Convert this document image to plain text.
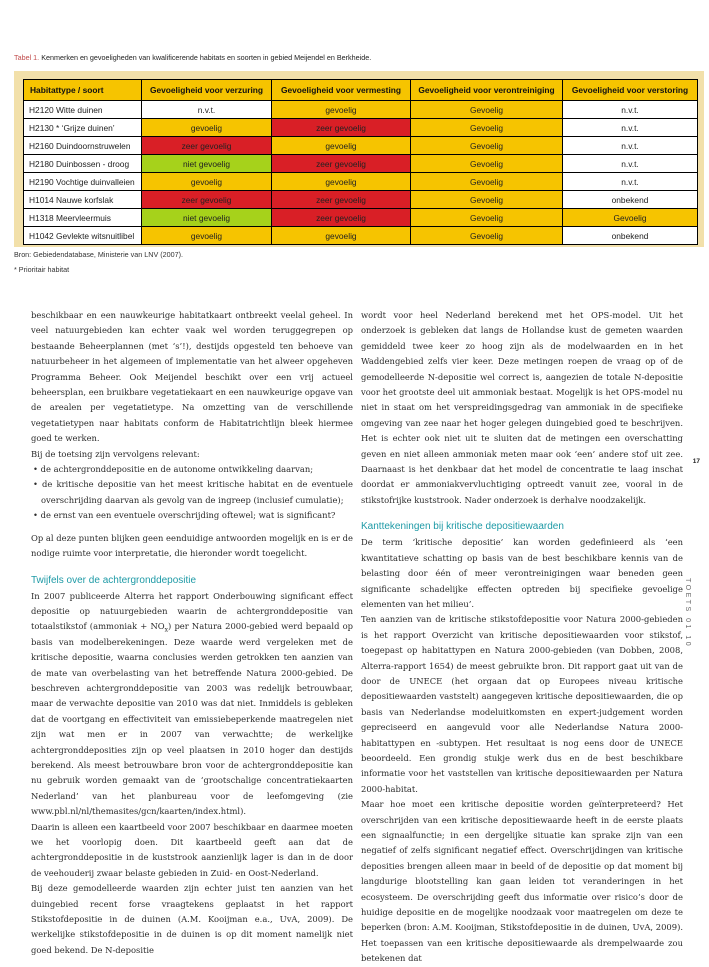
Tabel 1. Kenmerken en gevoeligheden van kwalificerende habitats en soorten in gebied Meijendel en Berkheide.
Habitattype / soort	Gevoeligheid voor verzuring	Gevoeligheid voor vermesting	Gevoeligheid voor verontreiniging	Gevoeligheid voor verstoring
H2120 Witte duinen	n.v.t.	gevoelig	Gevoelig	n.v.t.
H2130 * ‘Grijze duinen’	gevoelig	zeer gevoelig	Gevoelig	n.v.t.
H2160 Duindoornstruwelen	zeer gevoelig	gevoelig	Gevoelig	n.v.t.
H2180 Duinbossen - droog	niet gevoelig	zeer gevoelig	Gevoelig	n.v.t.
H2190 Vochtige duinvalleien	gevoelig	gevoelig	Gevoelig	n.v.t.
H1014 Nauwe korfslak	zeer gevoelig	zeer gevoelig	Gevoelig	onbekend
H1318 Meervleermuis	niet gevoelig	zeer gevoelig	Gevoelig	Gevoelig
H1042 Gevlekte witsnuitlibel	gevoelig	gevoelig	Gevoelig	onbekend
Bron: Gebiedendatabase, Ministerie van LNV (2007).
* Prioritair habitat

beschikbaar en een nauwkeurige habitatkaart ontbreekt veelal geheel. In veel natuurgebieden kan echter vaak wel worden teruggegrepen op bestaande Beheerplannen (met ‘s’!), destijds opgesteld ten behoeve van natuurbeheer in het algemeen of implementatie van het alweer opgeheven Programma Beheer. Ook Meijendel beschikt over een vrij actueel beheersplan, een bruikbare vegetatiekaart en een nauwkeurige opgave van de arealen per vegetatietype. Na omzetting van de verschillende vegetatietypen naar habitats conform de Habitatrichtlijn bleek hiermee goed te werken.

Bij de toetsing zijn vervolgens relevant:

• de achtergronddepositie en de autonome ontwikkeling daarvan;

• de kritische depositie van het meest kritische habitat en de eventuele overschrijding daarvan als gevolg van de ingreep (inclusief cumulatie);

• de ernst van een eventuele overschrijding oftewel; wat is significant?

Op al deze punten blijken geen eenduidige antwoorden mogelijk en is er de nodige ruimte voor interpretatie, die hieronder wordt toegelicht.

Twijfels over de achtergronddepositie

In 2007 publiceerde Alterra het rapport Onderbouwing significant effect depositie op natuurgebieden waarin de achtergronddepositie van totaalstikstof (ammoniak + $NO_x$) per Natura 2000-gebied werd bepaald op basis van modelberekeningen. Deze waarde werd vergeleken met de kritische depositie, waarna conclusies werden getrokken ten aanzien van de mate van overbelasting van het betreffende Natura 2000-gebied. De beschreven achtergronddepositie van 2003 was redelijk betrouwbaar, maar de verwachte depositie van 2010 was dat niet. Inmiddels is gebleken dat de voortgang en effectiviteit van emissiebeperkende maatregelen niet zijn wat men er in 2007 van verwachtte; de werkelijke achtergronddeposities zijn op veel plaatsen in 2010 hoger dan destijds berekend. Als meest betrouwbare bron voor de achtergronddepositie kan nu gebruik worden gemaakt van de ‘grootschalige concentratiekaarten Nederland’ van het planbureau voor de leefomgeving (zie www.pbl.nl/nl/themasites/gcn/kaarten/index.html).

Daarin is alleen een kaartbeeld voor 2007 beschikbaar en daarmee moeten we het voorlopig doen. Dit kaartbeeld geeft aan dat de achtergronddepositie in de kuststrook aanzienlijk lager is dan in de door de veehouderij zwaar belaste gebieden in Zuid- en Oost-Nederland.

Bij deze gemodelleerde waarden zijn echter juist ten aanzien van het duingebied recent forse vraagtekens geplaatst in het rapport Stikstofdepositie in de duinen (A.M. Kooijman e.a., UvA, 2009). De werkelijke stikstofdepositie in de duinen is op dit moment namelijk niet goed bekend. De N-depositie

wordt voor heel Nederland berekend met het OPS-model. Uit het onderzoek is gebleken dat langs de Hollandse kust de gemeten waarden gemiddeld twee keer zo hoog zijn als de modelwaarden en in het Waddengebied zelfs vier keer. Deze metingen roepen de vraag op of de gemodelleerde N-depositie wel correct is, aangezien de totale N-depositie voor het grootste deel uit ammoniak bestaat. Mogelijk is het OPS-model nu niet in staat om het verspreidingsgedrag van ammoniak in de specifieke omgeving van zee naar het hoger gelegen duingebied goed te beschrijven. Het is echter ook niet uit te sluiten dat de metingen een overschatting geven en niet alleen ammoniak meten maar ook ‘een’ andere stof uit zee. Daarnaast is het denkbaar dat het model de concentratie te laag inschat doordat er ammoniakvervluchtiging optreedt vanuit zee, vooral in de stikstofrijke kuststrook. Nader onderzoek is derhalve noodzakelijk.

Kanttekeningen bij kritische depositiewaarden

De term ‘kritische depositie’ kan worden gedefinieerd als ‘een kwantitatieve schatting op basis van de best beschikbare kennis van de belasting door één of meer verontreinigingen waar beneden geen significante schadelijke effecten optreden bij specifieke gevoelige elementen van het milieu’.

Ten aanzien van de kritische stikstofdepositie voor Natura 2000-gebieden is het rapport Overzicht van kritische depositiewaarden voor stikstof, toegepast op habitattypen en Natura 2000-gebieden (van Dobben, 2008, Alterra-rapport 1654) de meest gebruikte bron. Dit rapport gaat uit van de door de UNECE (het orgaan dat op Europees niveau kritische depositiewaarden vaststelt) aangegeven kritische depositiewaarden, die op basis van Nederlandse modeluitkomsten en expert-judgement worden gepreciseerd en aangevuld voor alle Nederlandse Natura 2000-habitattypen en -subtypen. Het resultaat is nog eens door de UNECE beoordeeld. Een grondig stukje werk dus en de best beschikbare informatie voor het vaststellen van kritische depositiewaarden per Natura 2000-habitat.

Maar hoe moet een kritische depositie worden geïnterpreteerd? Het overschrijden van een kritische depositiewaarde heeft in de eerste plaats een signaalfunctie; in een dergelijke situatie kan sprake zijn van een negatief of zelfs significant negatief effect. Overschrijdingen van kritische deposities brengen alleen maar in beeld of de depositie op dat moment bij langdurige blootstelling kan gaan leiden tot veranderingen in het ecosysteem. De overschrijding geeft dus informatie over risico’s door de huidige depositie en de mogelijke noodzaak voor maatregelen om deze te beperken (bron: A.M. Kooijman, Stikstofdepositie in de duinen, UvA, 2009). Het toepassen van een kritische depositiewaarde als drempelwaarde zou betekenen dat

17
TOETS 01 10
